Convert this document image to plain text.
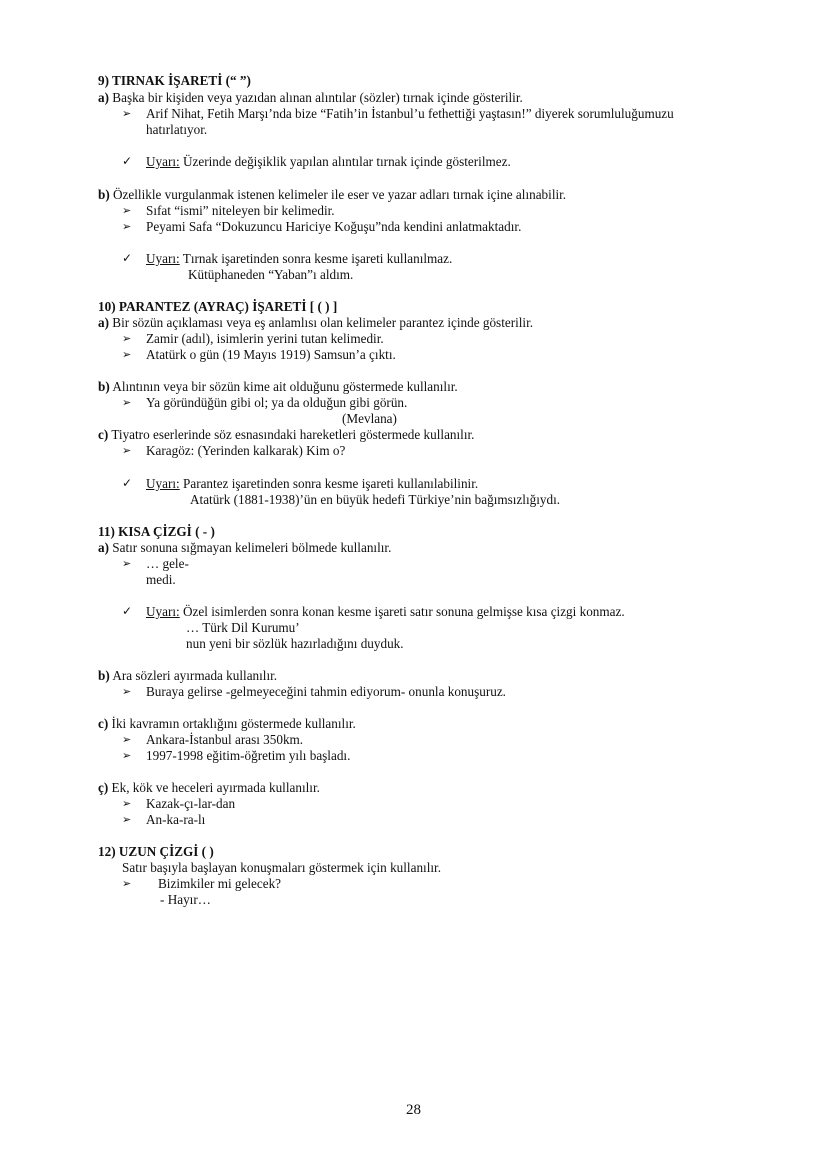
9) TIRNAK İŞARETİ (“ ”)
a) Başka bir kişiden veya yazıdan alınan alıntılar (sözler) tırnak içinde gösterilir.
➢ Arif Nihat, Fetih Marşı’nda bize “Fatih’in İstanbul’u fethettiği yaştasın!” diyerek sorumluluğumuzu
hatırlatıyor.
✓ Uyarı: Üzerinde değişiklik yapılan alıntılar tırnak içinde gösterilmez.
b) Özellikle vurgulanmak istenen kelimeler ile eser ve yazar adları tırnak içine alınabilir.
➢ Sıfat “ismi” niteleyen bir kelimedir.
➢ Peyami Safa “Dokuzuncu Hariciye Koğuşu”nda kendini anlatmaktadır.
✓ Uyarı: Tırnak işaretinden sonra kesme işareti kullanılmaz.
Kütüphaneden “Yaban”ı aldım.
10) PARANTEZ (AYRAÇ) İŞARETİ [ ( ) ]
a) Bir sözün açıklaması veya eş anlamlısı olan kelimeler parantez içinde gösterilir.
➢ Zamir (adıl), isimlerin yerini tutan kelimedir.
➢ Atatürk o gün (19 Mayıs 1919) Samsun’a çıktı.
b) Alıntının veya bir sözün kime ait olduğunu göstermede kullanılır.
➢ Ya göründüğün gibi ol; ya da olduğun gibi görün.
(Mevlana)
c) Tiyatro eserlerinde söz esnasındaki hareketleri göstermede kullanılır.
➢ Karagöz: (Yerinden kalkarak) Kim o?
✓ Uyarı: Parantez işaretinden sonra kesme işareti kullanılabilinir.
Atatürk (1881-1938)’ün en büyük hedefi Türkiye’nin bağımsızlığıydı.
11) KISA ÇİZGİ ( - )
a) Satır sonuna sığmayan kelimeleri bölmede kullanılır.
➢ … gele-
medi.
✓ Uyarı: Özel isimlerden sonra konan kesme işareti satır sonuna gelmişse kısa çizgi konmaz.
… Türk Dil Kurumu’
nun yeni bir sözlük hazırladığını duyduk.
b) Ara sözleri ayırmada kullanılır.
➢ Buraya gelirse -gelmeyeceğini tahmin ediyorum- onunla konuşuruz.
c) İki kavramın ortaklığını göstermede kullanılır.
➢ Ankara-İstanbul arası 350km.
➢ 1997-1998 eğitim-öğretim yılı başladı.
ç) Ek, kök ve heceleri ayırmada kullanılır.
➢ Kazak-çı-lar-dan
➢ An-ka-ra-lı
12) UZUN ÇİZGİ ( )
Satır başıyla başlayan konuşmaları göstermek için kullanılır.
➢ Bizimkiler mi gelecek?
- Hayır…
28
